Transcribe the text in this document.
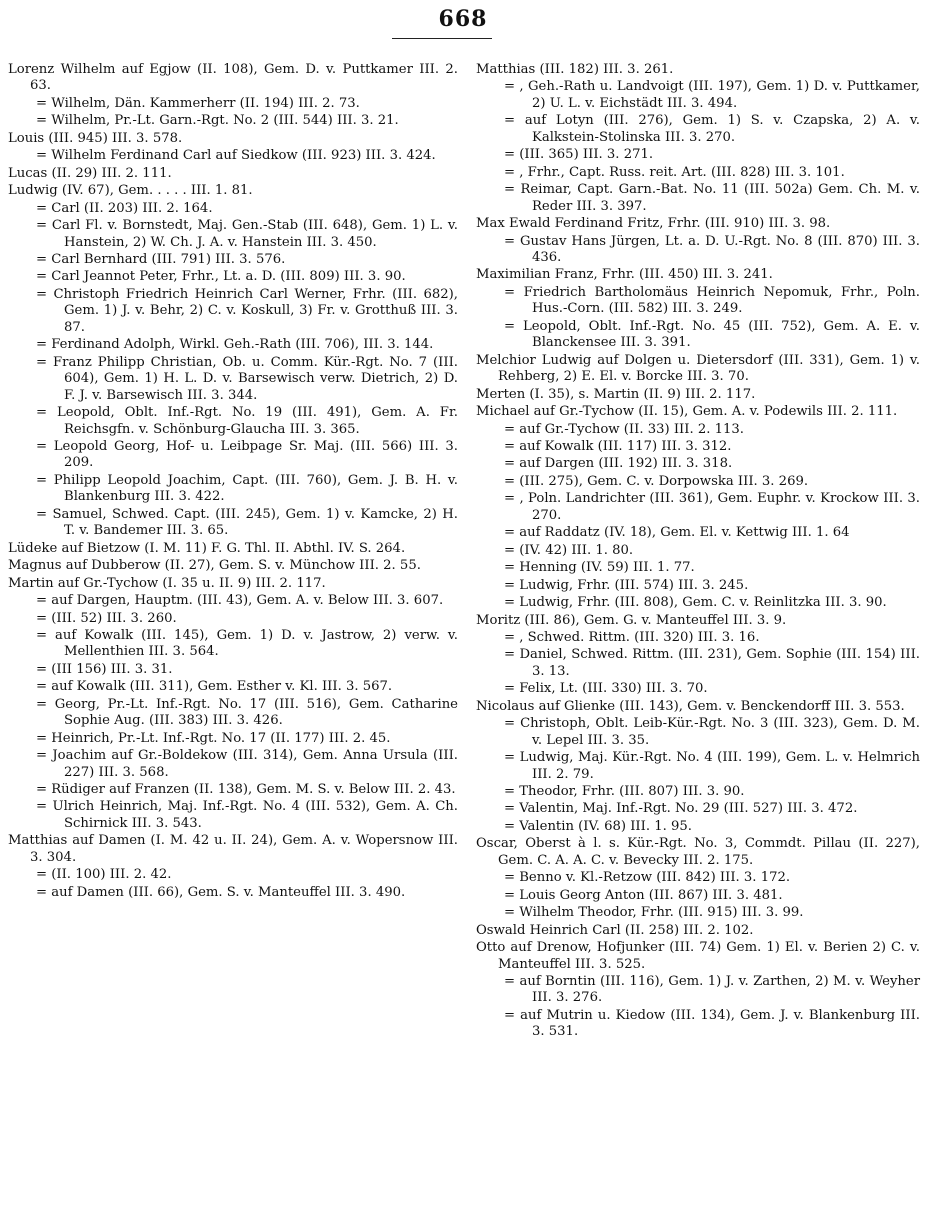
668

Lorenz Wilhelm auf Egjow (II. 108), Gem. D. v. Puttkamer III. 2. 63.

= Wilhelm, Dän. Kammerherr (II. 194) III. 2. 73.

= Wilhelm, Pr.-Lt. Garn.-Rgt. No. 2 (III. 544) III. 3. 21.

Louis (III. 945) III. 3. 578.

= Wilhelm Ferdinand Carl auf Siedkow (III. 923) III. 3. 424.

Lucas (II. 29) III. 2. 111.

Ludwig (IV. 67), Gem. . . . . III. 1. 81.

= Carl (II. 203) III. 2. 164.

= Carl Fl. v. Bornstedt, Maj. Gen.-Stab (III. 648), Gem. 1) L. v. Hanstein, 2) W. Ch. J. A. v. Hanstein III. 3. 450.

= Carl Bernhard (III. 791) III. 3. 576.

= Carl Jeannot Peter, Frhr., Lt. a. D. (III. 809) III. 3. 90.

= Christoph Friedrich Heinrich Carl Werner, Frhr. (III. 682), Gem. 1) J. v. Behr, 2) C. v. Koskull, 3) Fr. v. Grotthuß III. 3. 87.

= Ferdinand Adolph, Wirkl. Geh.-Rath (III. 706), III. 3. 144.

= Franz Philipp Christian, Ob. u. Comm. Kür.-Rgt. No. 7 (III. 604), Gem. 1) H. L. D. v. Barsewisch verw. Dietrich, 2) D. F. J. v. Barsewisch III. 3. 344.

= Leopold, Oblt. Inf.-Rgt. No. 19 (III. 491), Gem. A. Fr. Reichsgfn. v. Schönburg-Glaucha III. 3. 365.

= Leopold Georg, Hof- u. Leibpage Sr. Maj. (III. 566) III. 3. 209.

= Philipp Leopold Joachim, Capt. (III. 760), Gem. J. B. H. v. Blankenburg III. 3. 422.

= Samuel, Schwed. Capt. (III. 245), Gem. 1) v. Kamcke, 2) H. T. v. Bandemer III. 3. 65.

Lüdeke auf Bietzow (I. M. 11) F. G. Thl. II. Abthl. IV. S. 264.

Magnus auf Dubberow (II. 27), Gem. S. v. Münchow III. 2. 55.

Martin auf Gr.-Tychow (I. 35 u. II. 9) III. 2. 117.

= auf Dargen, Hauptm. (III. 43), Gem. A. v. Below III. 3. 607.

= (III. 52) III. 3. 260.

= auf Kowalk (III. 145), Gem. 1) D. v. Jastrow, 2) verw. v. Mellenthien III. 3. 564.

= (III 156) III. 3. 31.

= auf Kowalk (III. 311), Gem. Esther v. Kl. III. 3. 567.

= Georg, Pr.-Lt. Inf.-Rgt. No. 17 (III. 516), Gem. Catharine Sophie Aug. (III. 383) III. 3. 426.

= Heinrich, Pr.-Lt. Inf.-Rgt. No. 17 (II. 177) III. 2. 45.

= Joachim auf Gr.-Boldekow (III. 314), Gem. Anna Ursula (III. 227) III. 3. 568.

= Rüdiger auf Franzen (II. 138), Gem. M. S. v. Below III. 2. 43.

= Ulrich Heinrich, Maj. Inf.-Rgt. No. 4 (III. 532), Gem. A. Ch. Schirnick III. 3. 543.

Matthias auf Damen (I. M. 42 u. II. 24), Gem. A. v. Wopersnow III. 3. 304.

= (II. 100) III. 2. 42.

= auf Damen (III. 66), Gem. S. v. Manteuffel III. 3. 490.

Matthias (III. 182) III. 3. 261.

= , Geh.-Rath u. Landvoigt (III. 197), Gem. 1) D. v. Puttkamer, 2) U. L. v. Eichstädt III. 3. 494.

= auf Lotyn (III. 276), Gem. 1) S. v. Czapska, 2) A. v. Kalkstein-Stolinska III. 3. 270.

= (III. 365) III. 3. 271.

= , Frhr., Capt. Russ. reit. Art. (III. 828) III. 3. 101.

= Reimar, Capt. Garn.-Bat. No. 11 (III. 502a) Gem. Ch. M. v. Reder III. 3. 397.

Max Ewald Ferdinand Fritz, Frhr. (III. 910) III. 3. 98.

= Gustav Hans Jürgen, Lt. a. D. U.-Rgt. No. 8 (III. 870) III. 3. 436.

Maximilian Franz, Frhr. (III. 450) III. 3. 241.

= Friedrich Bartholomäus Heinrich Nepomuk, Frhr., Poln. Hus.-Corn. (III. 582) III. 3. 249.

= Leopold, Oblt. Inf.-Rgt. No. 45 (III. 752), Gem. A. E. v. Blanckensee III. 3. 391.

Melchior Ludwig auf Dolgen u. Dietersdorf (III. 331), Gem. 1) v. Rehberg, 2) E. El. v. Borcke III. 3. 70.

Merten (I. 35), s. Martin (II. 9) III. 2. 117.

Michael auf Gr.-Tychow (II. 15), Gem. A. v. Podewils III. 2. 111.

= auf Gr.-Tychow (II. 33) III. 2. 113.

= auf Kowalk (III. 117) III. 3. 312.

= auf Dargen (III. 192) III. 3. 318.

= (III. 275), Gem. C. v. Dorpowska III. 3. 269.

= , Poln. Landrichter (III. 361), Gem. Euphr. v. Krockow III. 3. 270.

= auf Raddatz (IV. 18), Gem. El. v. Kettwig III. 1. 64

= (IV. 42) III. 1. 80.

= Henning (IV. 59) III. 1. 77.

= Ludwig, Frhr. (III. 574) III. 3. 245.

= Ludwig, Frhr. (III. 808), Gem. C. v. Reinlitzka III. 3. 90.

Moritz (III. 86), Gem. G. v. Manteuffel III. 3. 9.

= , Schwed. Rittm. (III. 320) III. 3. 16.

= Daniel, Schwed. Rittm. (III. 231), Gem. Sophie (III. 154) III. 3. 13.

= Felix, Lt. (III. 330) III. 3. 70.

Nicolaus auf Glienke (III. 143), Gem. v. Benckendorff III. 3. 553.

= Christoph, Oblt. Leib-Kür.-Rgt. No. 3 (III. 323), Gem. D. M. v. Lepel III. 3. 35.

= Ludwig, Maj. Kür.-Rgt. No. 4 (III. 199), Gem. L. v. Helmrich III. 2. 79.

= Theodor, Frhr. (III. 807) III. 3. 90.

= Valentin, Maj. Inf.-Rgt. No. 29 (III. 527) III. 3. 472.

= Valentin (IV. 68) III. 1. 95.

Oscar, Oberst à l. s. Kür.-Rgt. No. 3, Commdt. Pillau (II. 227), Gem. C. A. A. C. v. Bevecky III. 2. 175.

= Benno v. Kl.-Retzow (III. 842) III. 3. 172.

= Louis Georg Anton (III. 867) III. 3. 481.

= Wilhelm Theodor, Frhr. (III. 915) III. 3. 99.

Oswald Heinrich Carl (II. 258) III. 2. 102.

Otto auf Drenow, Hofjunker (III. 74) Gem. 1) El. v. Berien 2) C. v. Manteuffel III. 3. 525.

= auf Borntin (III. 116), Gem. 1) J. v. Zarthen, 2) M. v. Weyher III. 3. 276.

= auf Mutrin u. Kiedow (III. 134), Gem. J. v. Blankenburg III. 3. 531.
